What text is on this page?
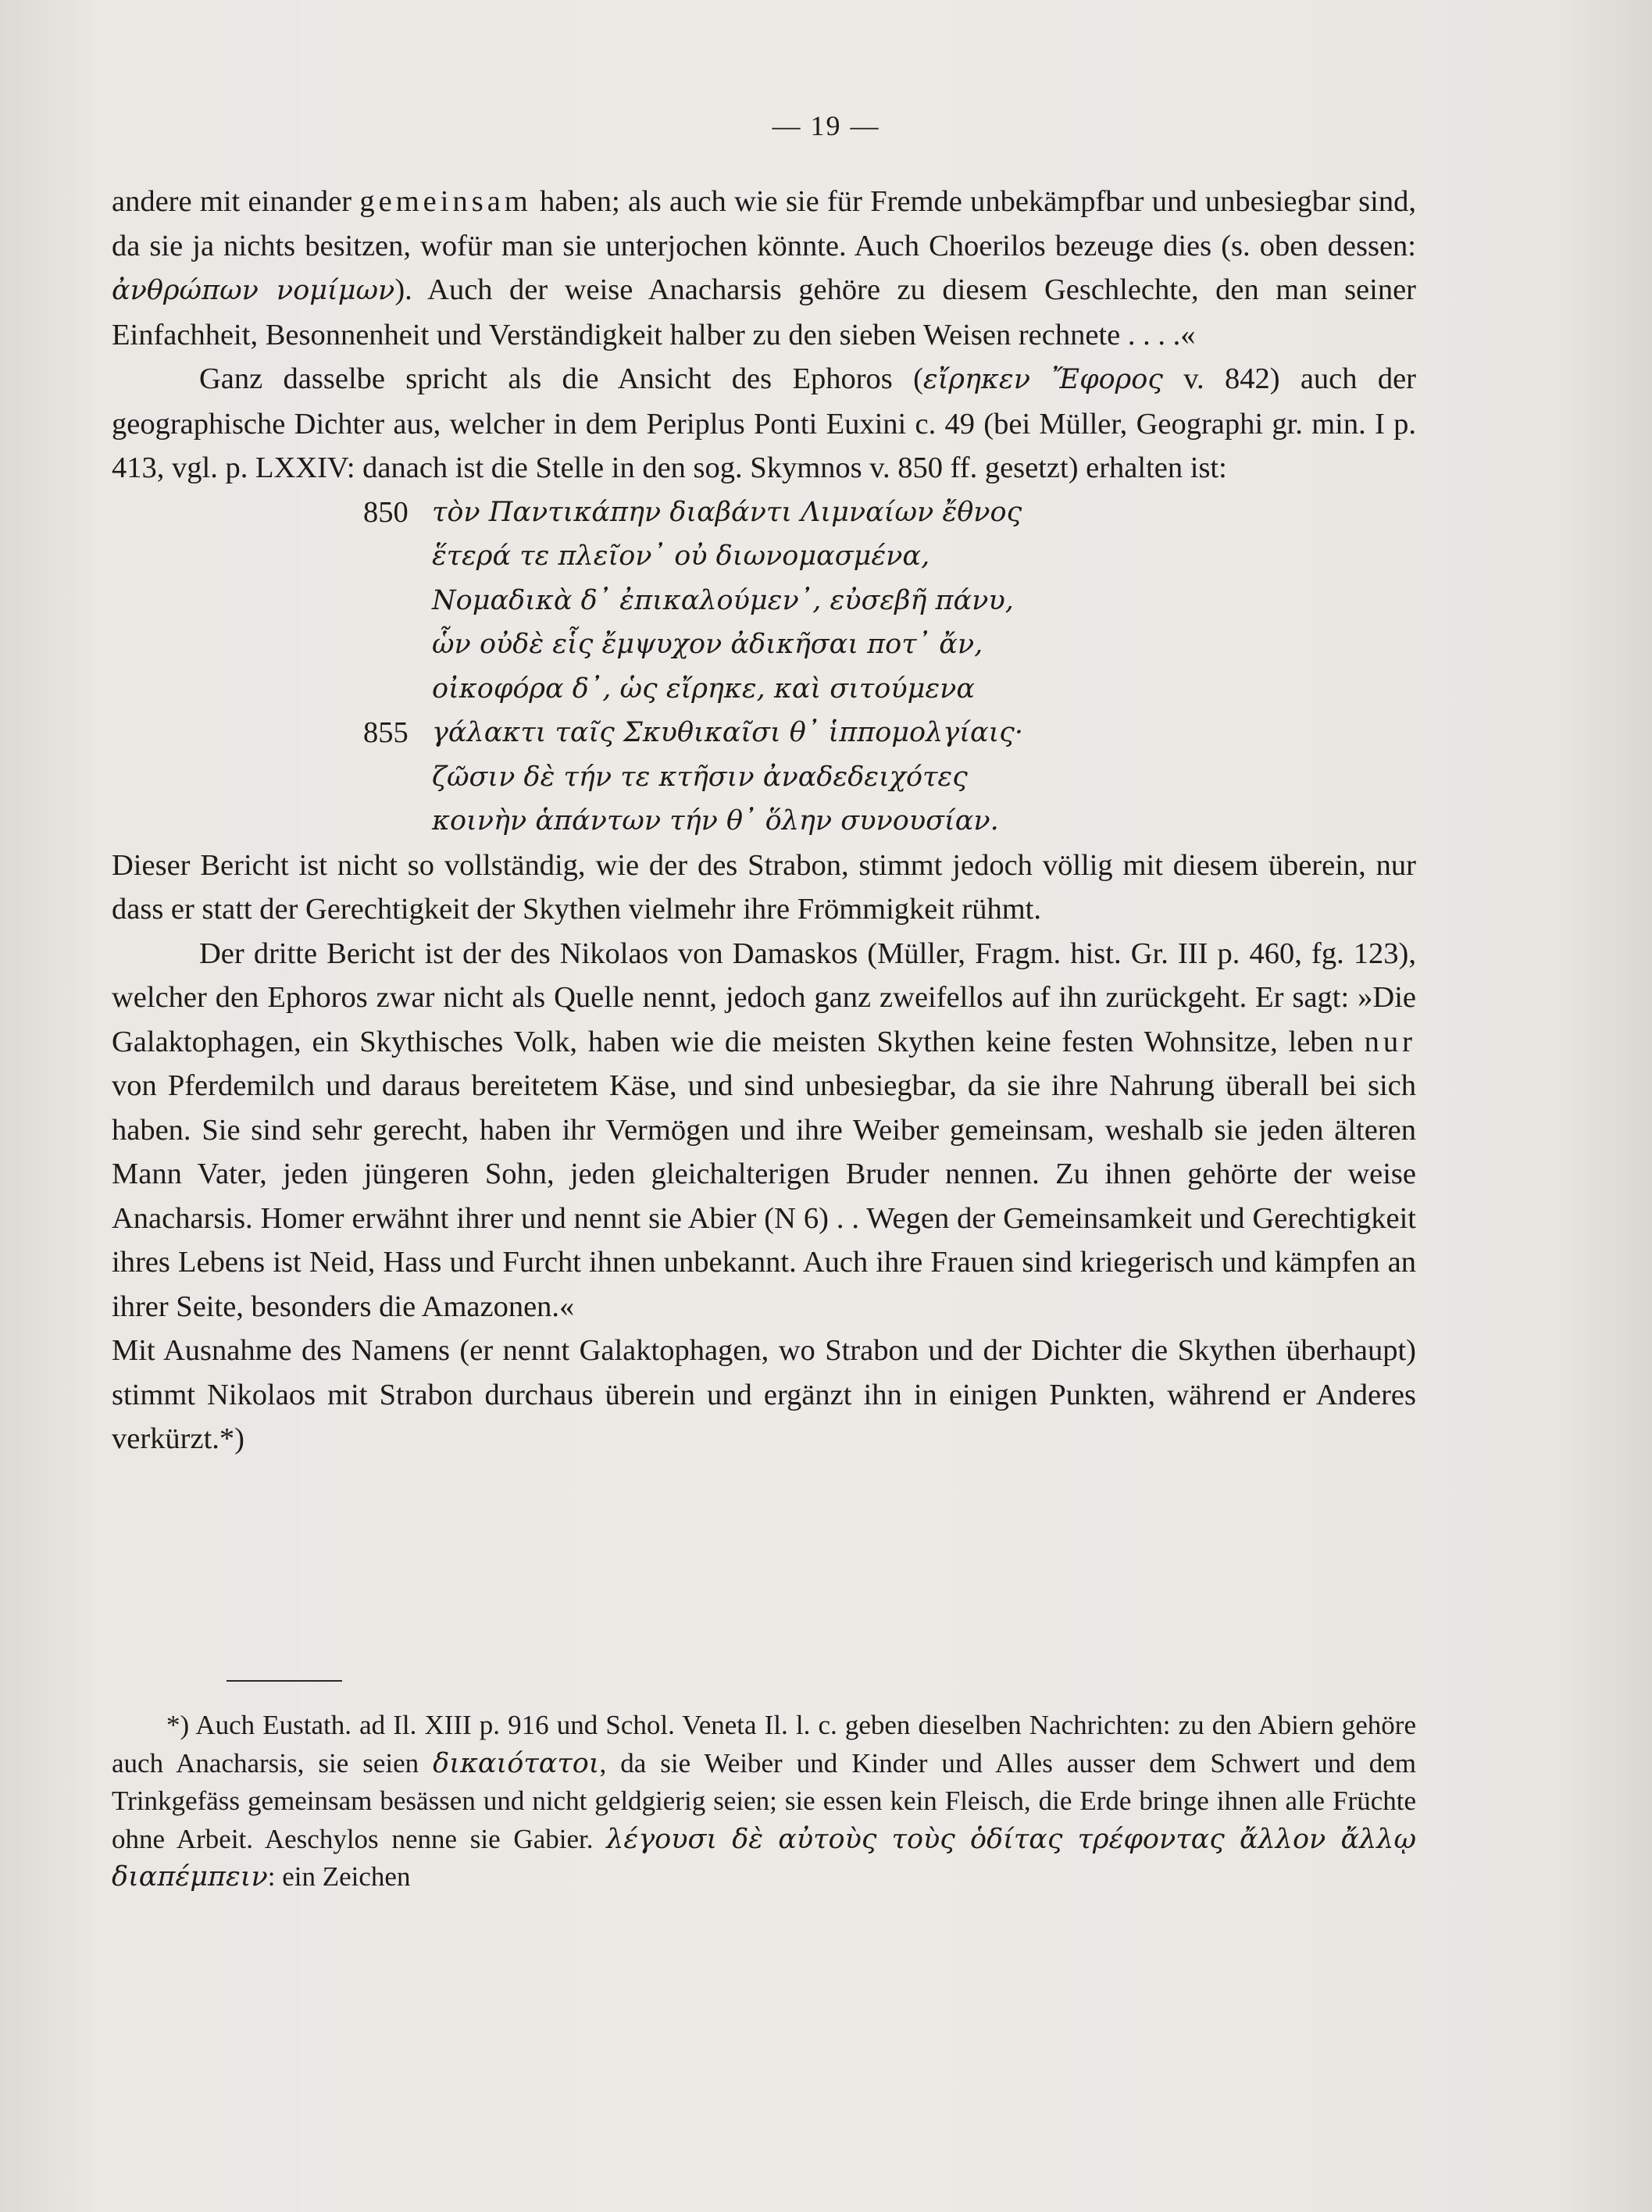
— 19 —

andere mit einander gemeinsam haben; als auch wie sie für Fremde unbekämpfbar und unbesiegbar sind, da sie ja nichts besitzen, wofür man sie unterjochen könnte. Auch Choerilos bezeuge dies (s. oben dessen: ἀνθρώπων νομίμων). Auch der weise Anacharsis gehöre zu diesem Geschlechte, den man seiner Einfachheit, Besonnenheit und Verständigkeit halber zu den sieben Weisen rechnete . . . .«

Ganz dasselbe spricht als die Ansicht des Ephoros (εἴρηκεν Ἔφορος v. 842) auch der geographische Dichter aus, welcher in dem Periplus Ponti Euxini c. 49 (bei Müller, Geographi gr. min. I p. 413, vgl. p. LXXIV: danach ist die Stelle in den sog. Skymnos v. 850 ff. gesetzt) erhalten ist:

850 τὸν Παντικάπην διαβάντι Λιμναίων ἔθνος
ἕτερά τε πλεῖον᾽ οὐ διωνομασμένα,
Νομαδικὰ δ᾽ ἐπικαλούμεν᾽, εὐσεβῆ πάνυ,
ὧν οὐδὲ εἷς ἔμψυχον ἀδικῆσαι ποτ᾽ ἄν,
οἰκοφόρα δ᾽, ὡς εἴρηκε, καὶ σιτούμενα
855 γάλακτι ταῖς Σκυθικαῖσι θ᾽ ἱππομολγίαις·
ζῶσιν δὲ τήν τε κτῆσιν ἀναδεδειχότες
κοινὴν ἁπάντων τήν θ᾽ ὅλην συνουσίαν.

Dieser Bericht ist nicht so vollständig, wie der des Strabon, stimmt jedoch völlig mit diesem überein, nur dass er statt der Gerechtigkeit der Skythen vielmehr ihre Frömmigkeit rühmt.

Der dritte Bericht ist der des Nikolaos von Damaskos (Müller, Fragm. hist. Gr. III p. 460, fg. 123), welcher den Ephoros zwar nicht als Quelle nennt, jedoch ganz zweifellos auf ihn zurückgeht. Er sagt: »Die Galaktophagen, ein Skythisches Volk, haben wie die meisten Skythen keine festen Wohnsitze, leben nur von Pferdemilch und daraus bereitetem Käse, und sind unbesiegbar, da sie ihre Nahrung überall bei sich haben. Sie sind sehr gerecht, haben ihr Vermögen und ihre Weiber gemeinsam, weshalb sie jeden älteren Mann Vater, jeden jüngeren Sohn, jeden gleichalterigen Bruder nennen. Zu ihnen gehörte der weise Anacharsis. Homer erwähnt ihrer und nennt sie Abier (N 6) . . Wegen der Gemeinsamkeit und Gerechtigkeit ihres Lebens ist Neid, Hass und Furcht ihnen unbekannt. Auch ihre Frauen sind kriegerisch und kämpfen an ihrer Seite, besonders die Amazonen.«

Mit Ausnahme des Namens (er nennt Galaktophagen, wo Strabon und der Dichter die Skythen überhaupt) stimmt Nikolaos mit Strabon durchaus überein und ergänzt ihn in einigen Punkten, während er Anderes verkürzt.*)

*) Auch Eustath. ad Il. XIII p. 916 und Schol. Veneta Il. l. c. geben dieselben Nachrichten: zu den Abiern gehöre auch Anacharsis, sie seien δικαιότατοι, da sie Weiber und Kinder und Alles ausser dem Schwert und dem Trinkgefäss gemeinsam besässen und nicht geldgierig seien; sie essen kein Fleisch, die Erde bringe ihnen alle Früchte ohne Arbeit. Aeschylos nenne sie Gabier. λέγουσι δὲ αὐτοὺς τοὺς ὁδίτας τρέφοντας ἄλλον ἄλλῳ διαπέμπειν: ein Zeichen
